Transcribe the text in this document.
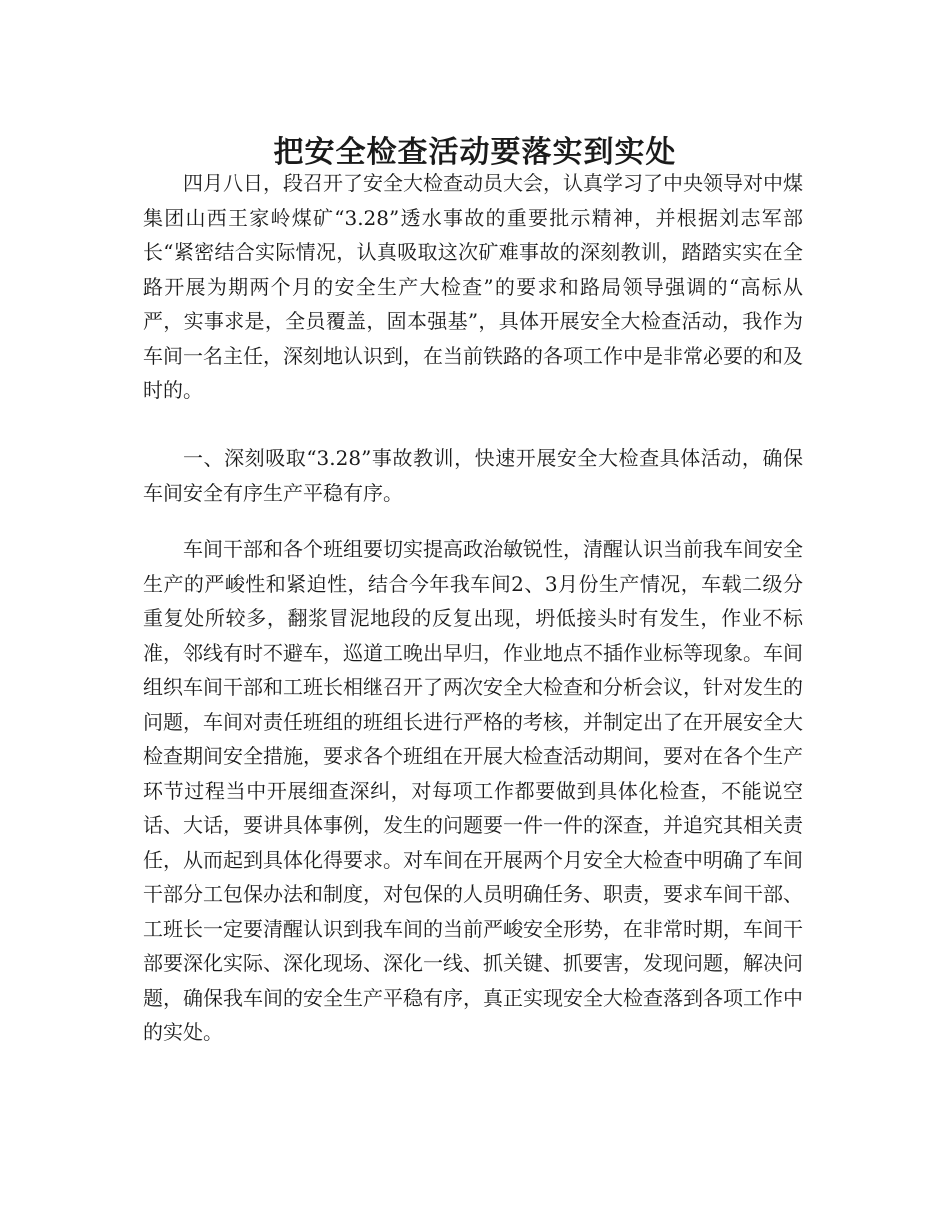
把安全检查活动要落实到实处

四月八日，段召开了安全大检查动员大会，认真学习了中央领导对中煤集团山西王家岭煤矿“3.28”透水事故的重要批示精神，并根据刘志军部长“紧密结合实际情况，认真吸取这次矿难事故的深刻教训，踏踏实实在全路开展为期两个月的安全生产大检查”的要求和路局领导强调的“高标从严，实事求是，全员覆盖，固本强基”，具体开展安全大检查活动，我作为车间一名主任，深刻地认识到，在当前铁路的各项工作中是非常必要的和及时的。

一、深刻吸取“3.28”事故教训，快速开展安全大检查具体活动，确保车间安全有序生产平稳有序。

车间干部和各个班组要切实提高政治敏锐性，清醒认识当前我车间安全生产的严峻性和紧迫性，结合今年我车间2、3月份生产情况，车载二级分重复处所较多，翻浆冒泥地段的反复出现，坍低接头时有发生，作业不标准，邻线有时不避车，巡道工晚出早归，作业地点不插作业标等现象。车间组织车间干部和工班长相继召开了两次安全大检查和分析会议，针对发生的问题，车间对责任班组的班组长进行严格的考核，并制定出了在开展安全大检查期间安全措施，要求各个班组在开展大检查活动期间，要对在各个生产环节过程当中开展细查深纠，对每项工作都要做到具体化检查，不能说空话、大话，要讲具体事例，发生的问题要一件一件的深查，并追究其相关责任，从而起到具体化得要求。对车间在开展两个月安全大检查中明确了车间干部分工包保办法和制度，对包保的人员明确任务、职责，要求车间干部、工班长一定要清醒认识到我车间的当前严峻安全形势，在非常时期，车间干部要深化实际、深化现场、深化一线、抓关键、抓要害，发现问题，解决问题，确保我车间的安全生产平稳有序，真正实现安全大检查落到各项工作中的实处。
